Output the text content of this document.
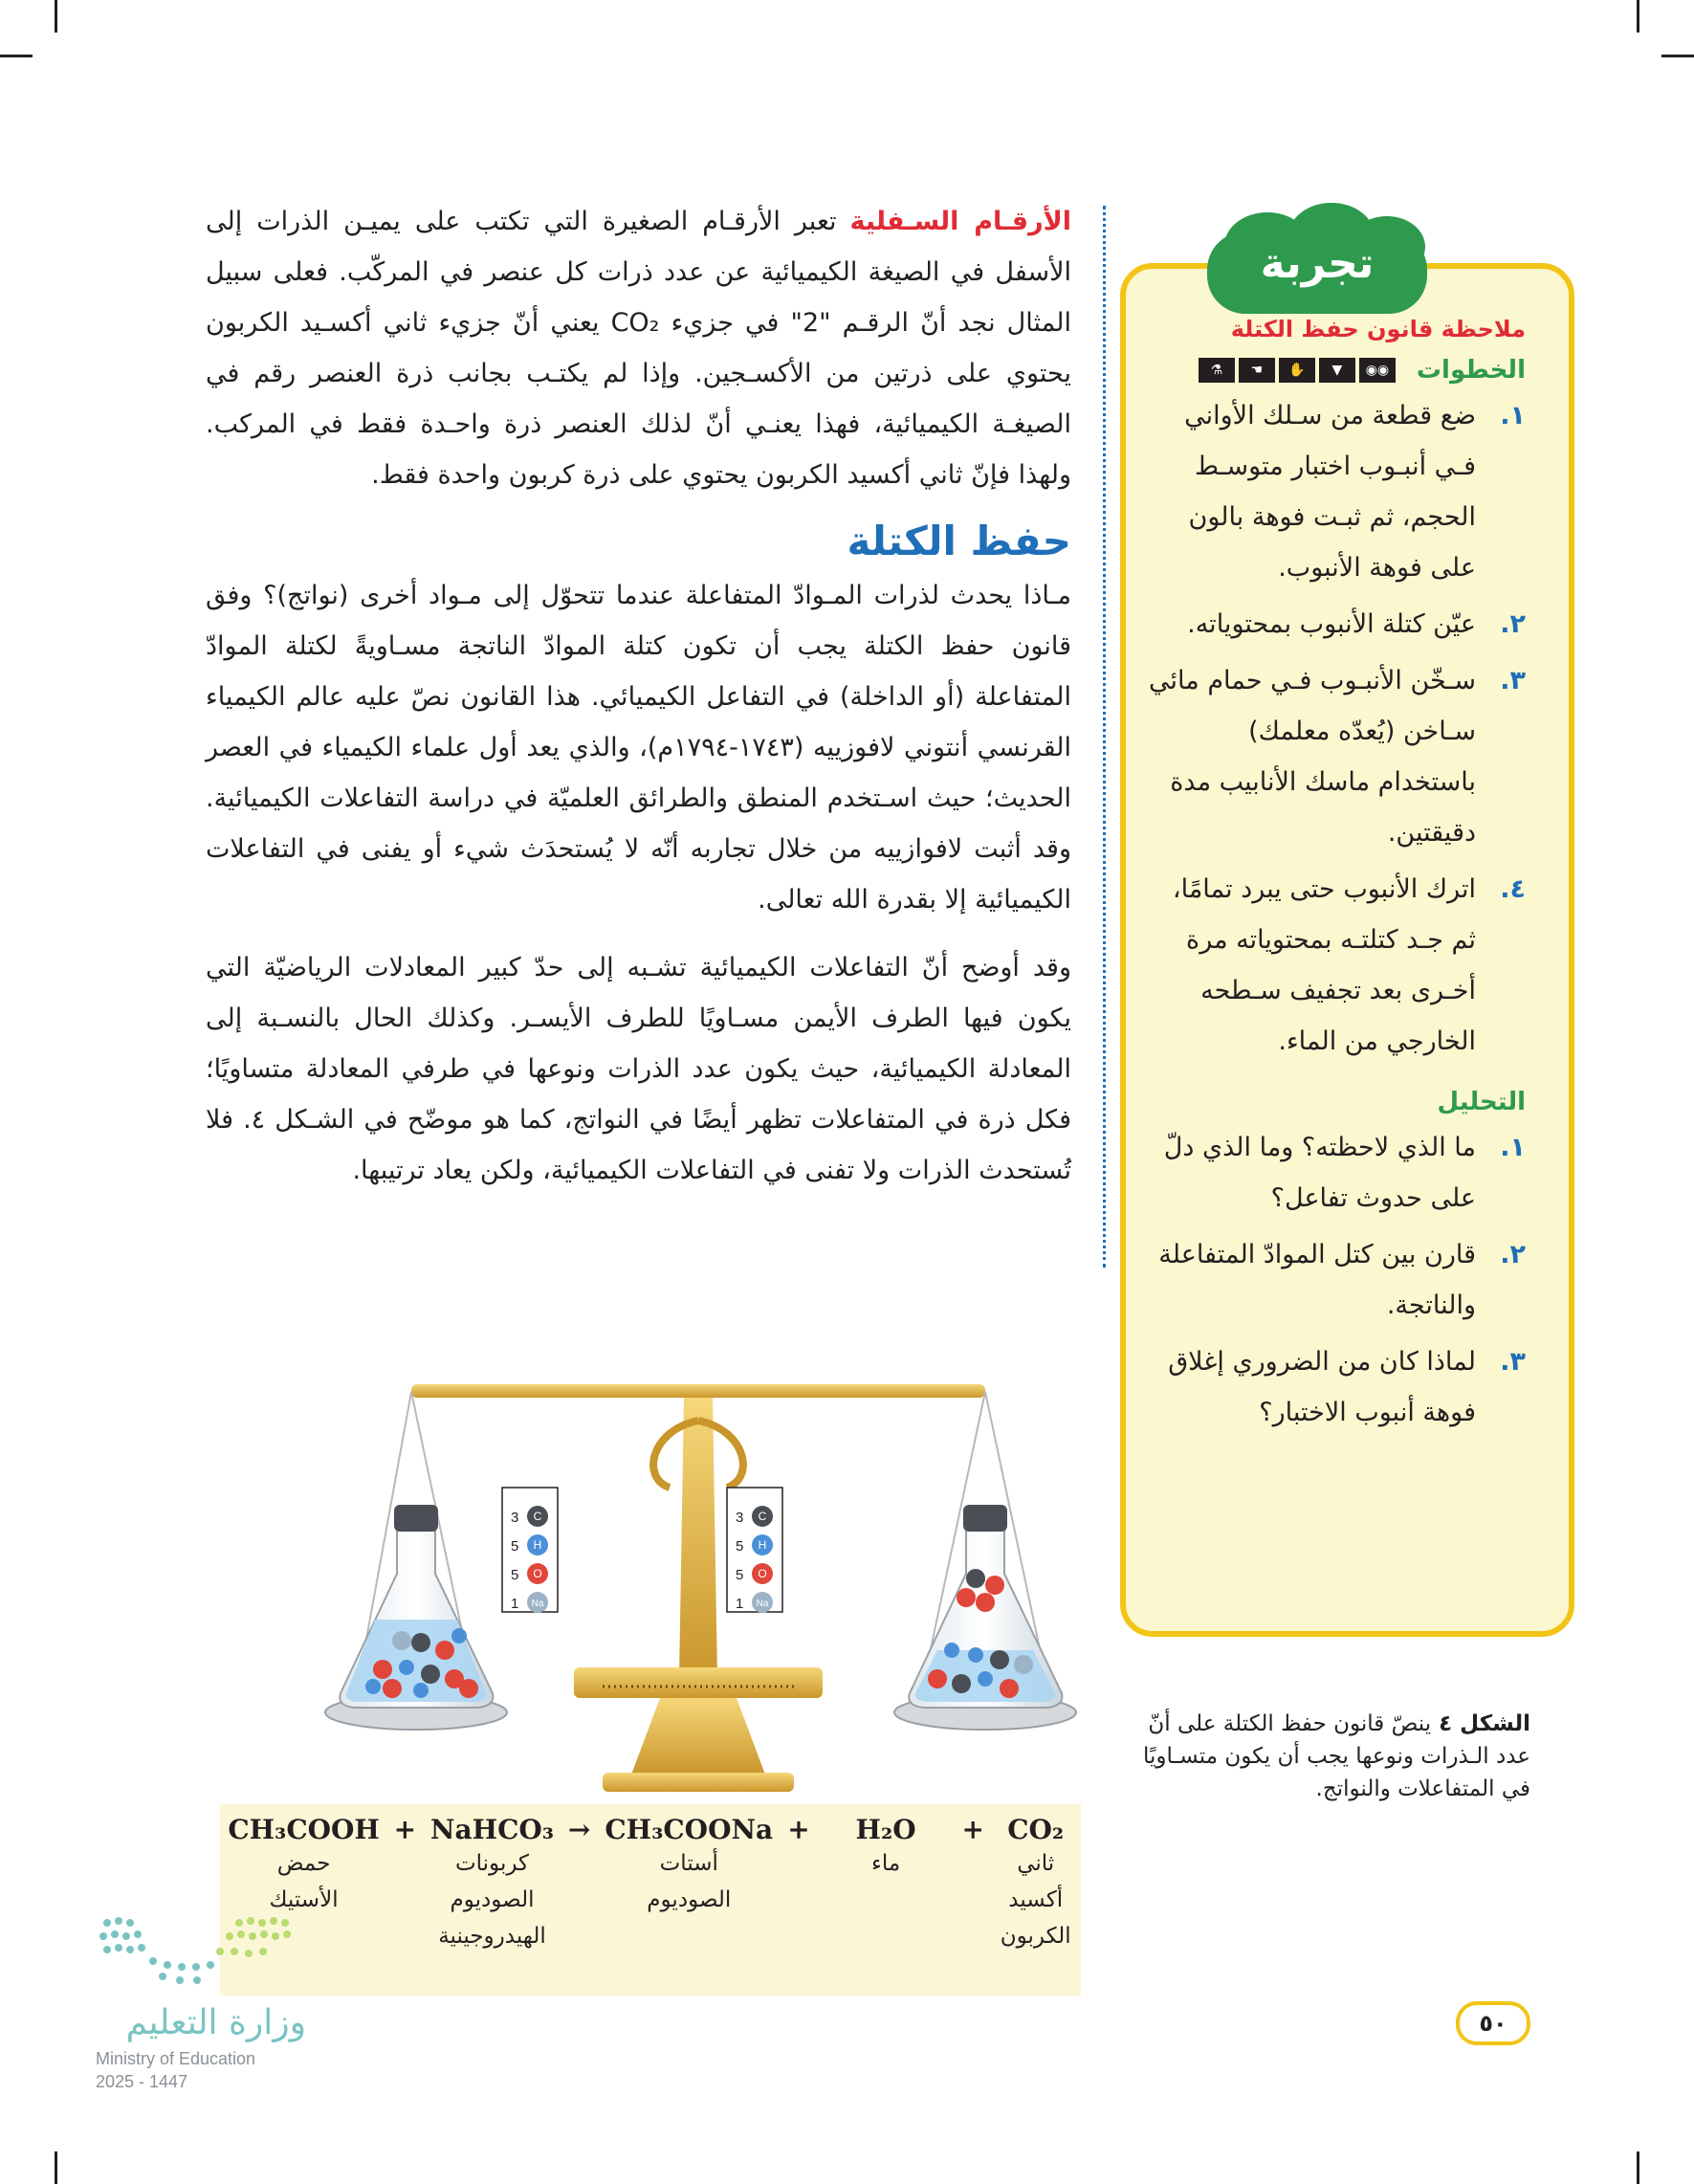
الأرقـام السـفليةتعبر الأرقـام الصغيرة التي تكتب على يميـن الذرات إلى الأسفل في الصيغة الكيميائية عن عدد ذرات كل عنصر في المركّب. فعلى سبيل المثال نجد أنّ الرقـم "2" في جزيء CO₂ يعني أنّ جزيء ثاني أكسـيد الكربون يحتوي على ذرتين من الأكسـجين. وإذا لم يكتـب بجانب ذرة العنصر رقم في الصيغـة الكيميائية، فهذا يعنـي أنّ لذلك العنصر ذرة واحـدة فقط في المركب. ولهذا فإنّ ثاني أكسيد الكربون يحتوي على ذرة كربون واحدة فقط.

حفظ الكتلة

مـاذا يحدث لذرات المـوادّ المتفاعلة عندما تتحوّل إلى مـواد أخرى (نواتج)؟ وفق قانون حفظ الكتلة يجب أن تكون كتلة الموادّ الناتجة مسـاويةً لكتلة الموادّ المتفاعلة (أو الداخلة) في التفاعل الكيميائي. هذا القانون نصّ عليه عالم الكيمياء القرنسي أنتوني لافوزييه (١٧٤٣-١٧٩٤م)، والذي يعد أول علماء الكيمياء في العصر الحديث؛ حيث اسـتخدم المنطق والطرائق العلميّة في دراسة التفاعلات الكيميائية. وقد أثبت لافوازييه من خلال تجاربه أنّه لا يُستحدَث شيء أو يفنى في التفاعلات الكيميائية إلا بقدرة الله تعالى.

وقد أوضح أنّ التفاعلات الكيميائية تشـبه إلى حدّ كبير المعادلات الرياضيّة التي يكون فيها الطرف الأيمن مسـاويًا للطرف الأيسـر. وكذلك الحال بالنسـبة إلى المعادلة الكيميائية، حيث يكون عدد الذرات ونوعها في طرفي المعادلة متساويًا؛ فكل ذرة في المتفاعلات تظهر أيضًا في النواتج، كما هو موضّح في الشـكل ٤. فلا تُستحدث الذرات ولا تفنى في التفاعلات الكيميائية، ولكن يعاد ترتيبها.

تجربة
ملاحظة قانون حفظ الكتلة
الخطوات
◉◉
▼
✋
☚
⚗
١.
ضع قطعة من سـلك الأواني فـي أنبـوب اختبار متوسـط الحجم، ثم ثبـت فوهة بالون على فوهة الأنبوب.
٢.
عيّن كتلة الأنبوب بمحتوياته.
٣.
سـخّن الأنبـوب فـي حمام مائي سـاخن (يُعدّه معلمك) باستخدام ماسك الأنابيب مدة دقيقتين.
٤.
اترك الأنبوب حتى يبرد تمامًا، ثم جـد كتلتـه بمحتوياته مرة أخـرى بعد تجفيف سـطحه الخارجي من الماء.
التحليل
١.
ما الذي لاحظته؟ وما الذي دلّ على حدوث تفاعل؟
٢.
قارن بين كتل الموادّ المتفاعلة والناتجة.
٣.
لماذا كان من الضروري إغلاق فوهة أنبوب الاختبار؟
الشكل ٤ينصّ قانون حفظ الكتلة على أنّ عدد الـذرات ونوعها يجب أن يكون متسـاويًا في المتفاعلات والنواتج.
3 C
5 H
5 O
1 Na
3 C
5 H
5 O
1 Na
CH₃COOH
حمض الأستيك
	+	NaHCO₃
كربونات الصوديوم الهيدروجينية
	→	CH₃COONa
أستات الصوديوم
	+	H₂O
ماء
	+	CO₂
ثاني أكسيد الكربون
٥٠
وزارة التعليم
Ministry of Education
2025 - 1447
